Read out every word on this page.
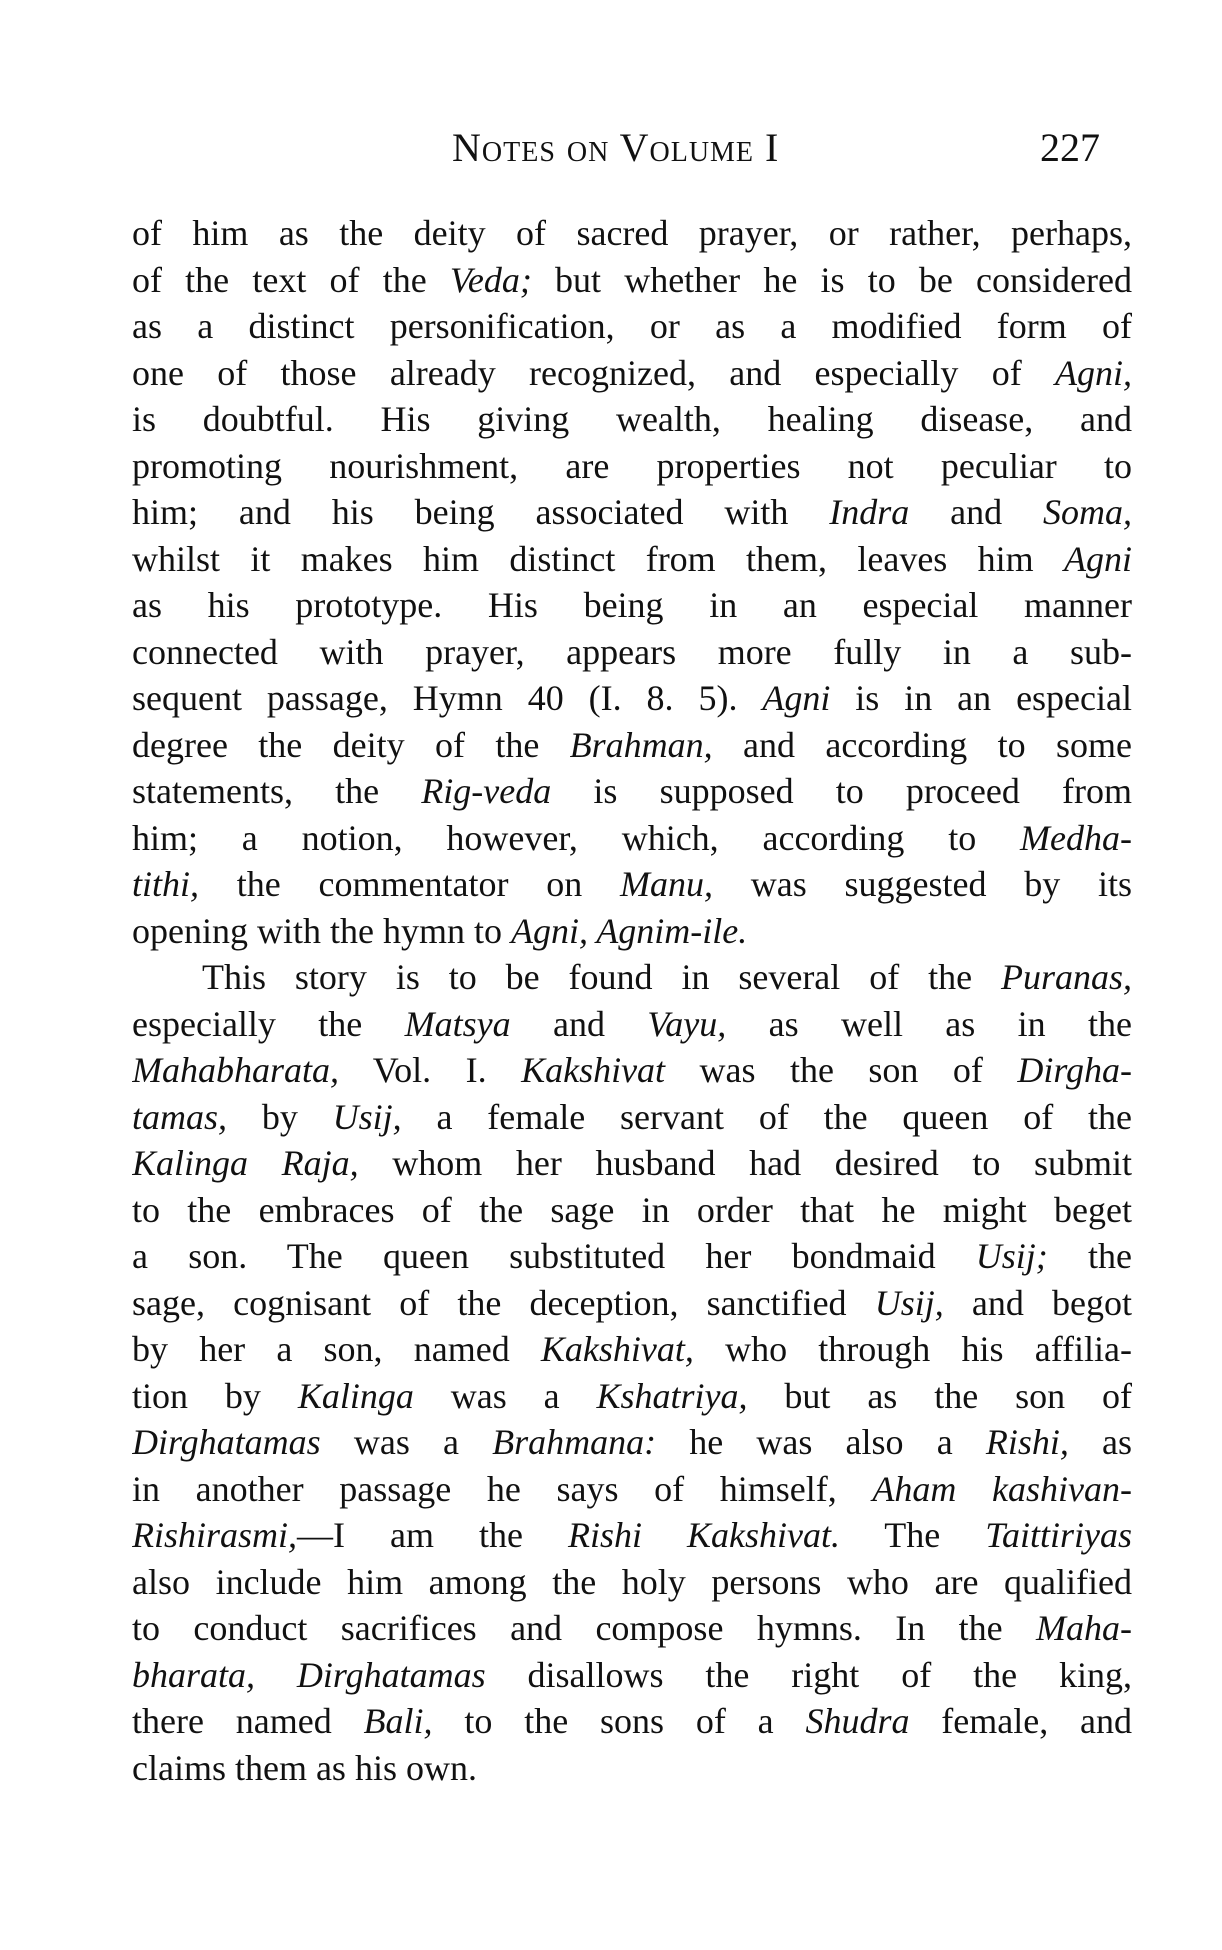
Notes on Volume I	227
of him as the deity of sacred prayer, or rather, perhaps,
of the text of the Veda; but whether he is to be considered
as a distinct personification, or as a modified form of
one of those already recognized, and especially of Agni,
is doubtful. His giving wealth, healing disease, and
promoting nourishment, are properties not peculiar to
him; and his being associated with Indra and Soma,
whilst it makes him distinct from them, leaves him Agni
as his prototype. His being in an especial manner
connected with prayer, appears more fully in a sub-
sequent passage, Hymn 40 (I. 8. 5). Agni is in an especial
degree the deity of the Brahman, and according to some
statements, the Rig-veda is supposed to proceed from
him; a notion, however, which, according to Medha-
tithi, the commentator on Manu, was suggested by its
opening with the hymn to Agni, Agnim-ile.
This story is to be found in several of the Puranas,
especially the Matsya and Vayu, as well as in the
Mahabharata, Vol. I. Kakshivat was the son of Dirgha-
tamas, by Usij, a female servant of the queen of the
Kalinga Raja, whom her husband had desired to submit
to the embraces of the sage in order that he might beget
a son. The queen substituted her bondmaid Usij; the
sage, cognisant of the deception, sanctified Usij, and begot
by her a son, named Kakshivat, who through his affilia-
tion by Kalinga was a Kshatriya, but as the son of
Dirghatamas was a Brahmana: he was also a Rishi, as
in another passage he says of himself, Aham kashivan-
Rishirasmi,—I am the Rishi Kakshivat. The Taittiriyas
also include him among the holy persons who are qualified
to conduct sacrifices and compose hymns. In the Maha-
bharata, Dirghatamas disallows the right of the king,
there named Bali, to the sons of a Shudra female, and
claims them as his own.
